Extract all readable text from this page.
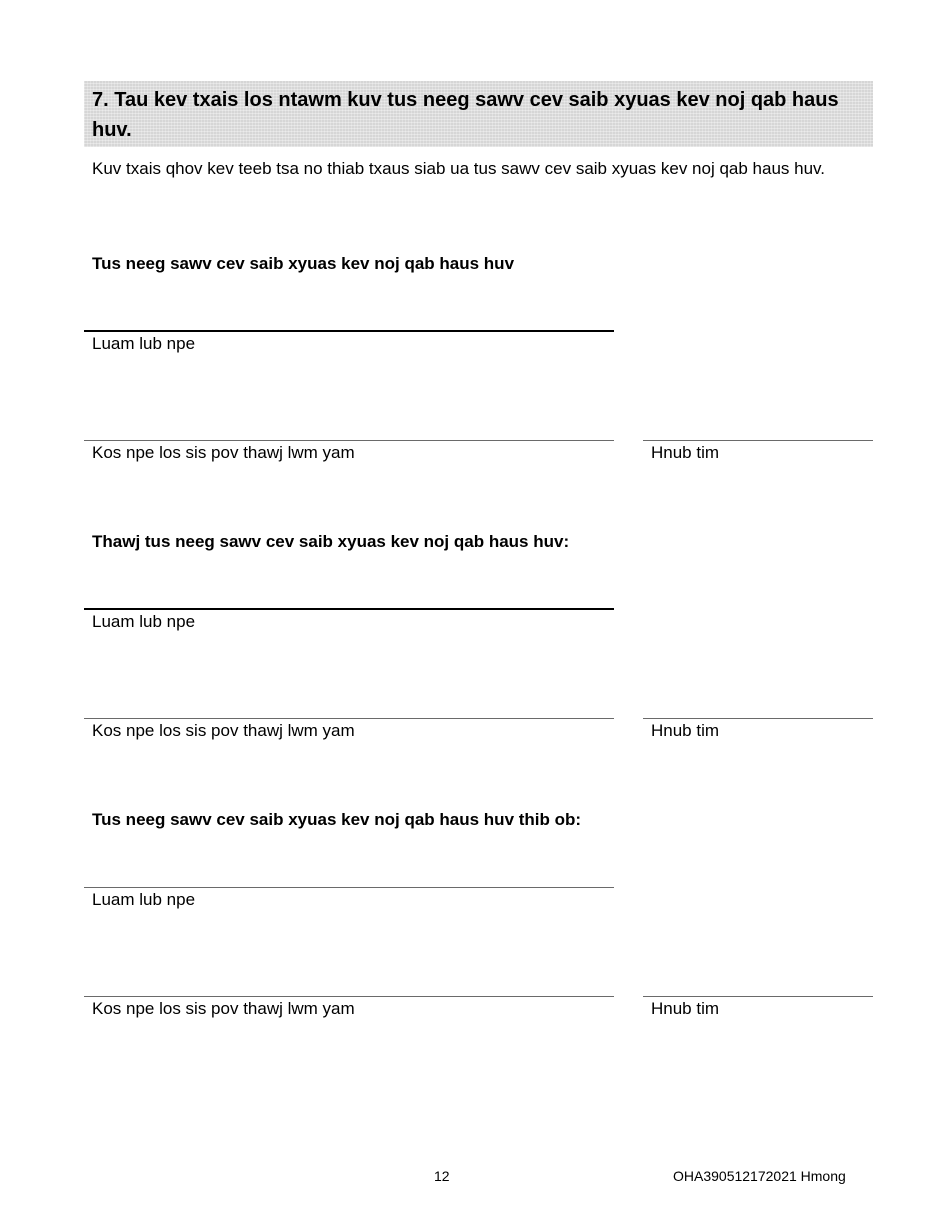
7. Tau kev txais los ntawm kuv tus neeg sawv cev saib xyuas kev noj qab haus huv.
Kuv txais qhov kev teeb tsa no thiab txaus siab ua tus sawv cev saib xyuas kev noj qab haus huv.
Tus neeg sawv cev saib xyuas kev noj qab haus huv
Luam lub npe
Kos npe los sis pov thawj lwm yam	Hnub tim
Thawj tus neeg sawv cev saib xyuas kev noj qab haus huv:
Luam lub npe
Kos npe los sis pov thawj lwm yam	Hnub tim
Tus neeg sawv cev saib xyuas kev noj qab haus huv thib ob:
Luam lub npe
Kos npe los sis pov thawj lwm yam	Hnub tim
12	OHA390512172021 Hmong
